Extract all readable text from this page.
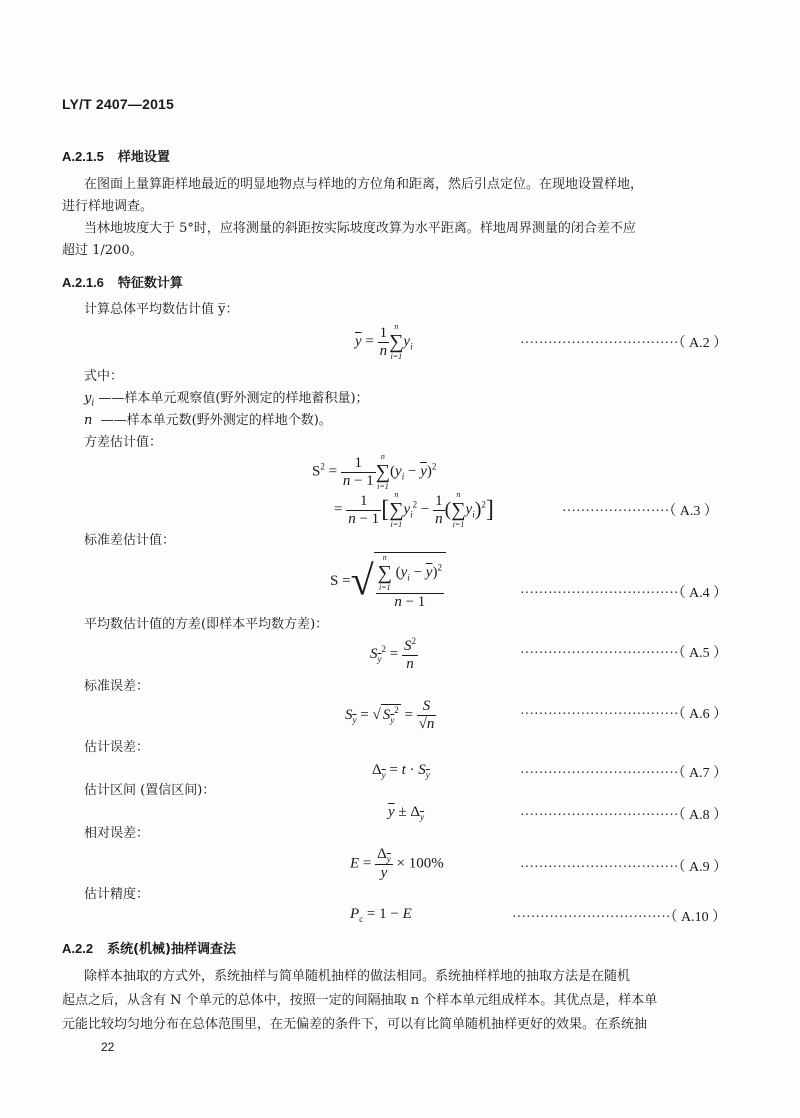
LY/T 2407—2015
A.2.1.5 样地设置
在图面上量算距样地最近的明显地物点与样地的方位角和距离，然后引点定位。在现地设置样地，
进行样地调查。
当林地坡度大于 5°时，应将测量的斜距按实际坡度改算为水平距离。样地周界测量的闭合差不应
超过 1/200。
A.2.1.6 特征数计算
计算总体平均数估计值 y̅：
$\overline{y} = \frac{1}{n}$ n
∑
i=1
$y_i$	··································（ A.2 ）
式中：
$y_i$ ——样本单元观察值(野外测定的样地蓄积量)；
n ——样本单元数(野外测定的样地个数)。
方差估计值：
$S^2 = \frac{1}{n - 1}$ n
∑
i=1
$(y_i - \overline{y})^2$
= $\frac{1}{n - 1}$ [
n
∑
i=1
$y_i^2 - \frac{1}{n}$ (
n
∑
i=1
$y_i)^2$]	·······················（ A.3 ）
标准差估计值：
S =√ n
∑
i=1
$(y_i - \overline{y})^2$
n − 1	··································（ A.4 ）
平均数估计值的方差(即样本平均数方差)：
$S_{\overline{y}}^2 = \frac{S^2}{n}$	··································（ A.5 ）
标准误差：
$S_{\overline{y}}$ = √ $S_{\overline{y}}^2 = \frac{S}{√n}$	··································（ A.6 ）
估计误差：
$\Delta_{\overline{y}} = t \cdot S_{\overline{y}}$	··································（ A.7 ）
估计区间 (置信区间)：
$\overline{y} \pm \Delta_{\overline{y}}$	··································（ A.8 ）
相对误差：
$E = \frac{\Delta_{\overline{y}}}{y} \times 100\%$	··································（ A.9 ）
估计精度：
$P_c = 1 - E$	··································（ A.10 ）
A.2.2 系统(机械)抽样调查法
除样本抽取的方式外，系统抽样与简单随机抽样的做法相同。系统抽样样地的抽取方法是在随机
起点之后，从含有 N 个单元的总体中，按照一定的间隔抽取 n 个样本单元组成样本。其优点是，样本单
元能比较均匀地分布在总体范围里，在无偏差的条件下，可以有比简单随机抽样更好的效果。在系统抽
22
